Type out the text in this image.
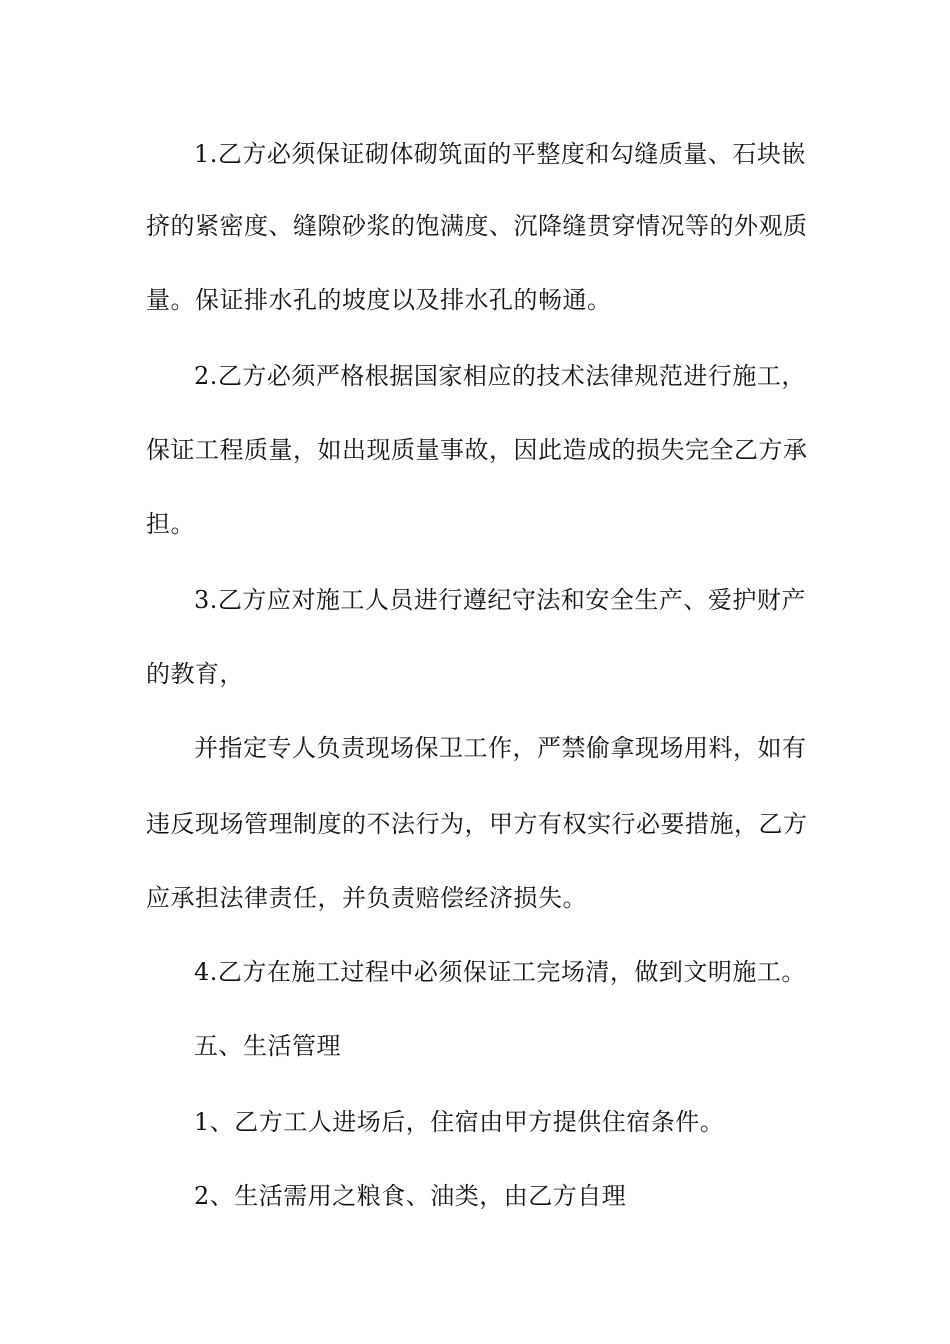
1.乙方必须保证砌体砌筑面的平整度和勾缝质量、石块嵌
挤的紧密度、缝隙砂浆的饱满度、沉降缝贯穿情况等的外观质
量。保证排水孔的坡度以及排水孔的畅通。
2.乙方必须严格根据国家相应的技术法律规范进行施工，
保证工程质量，如出现质量事故，因此造成的损失完全乙方承
担。
3.乙方应对施工人员进行遵纪守法和安全生产、爱护财产
的教育，
并指定专人负责现场保卫工作，严禁偷拿现场用料，如有
违反现场管理制度的不法行为，甲方有权实行必要措施，乙方
应承担法律责任，并负责赔偿经济损失。
4.乙方在施工过程中必须保证工完场清，做到文明施工。
五、生活管理
1、乙方工人进场后，住宿由甲方提供住宿条件。
2、生活需用之粮食、油类，由乙方自理
